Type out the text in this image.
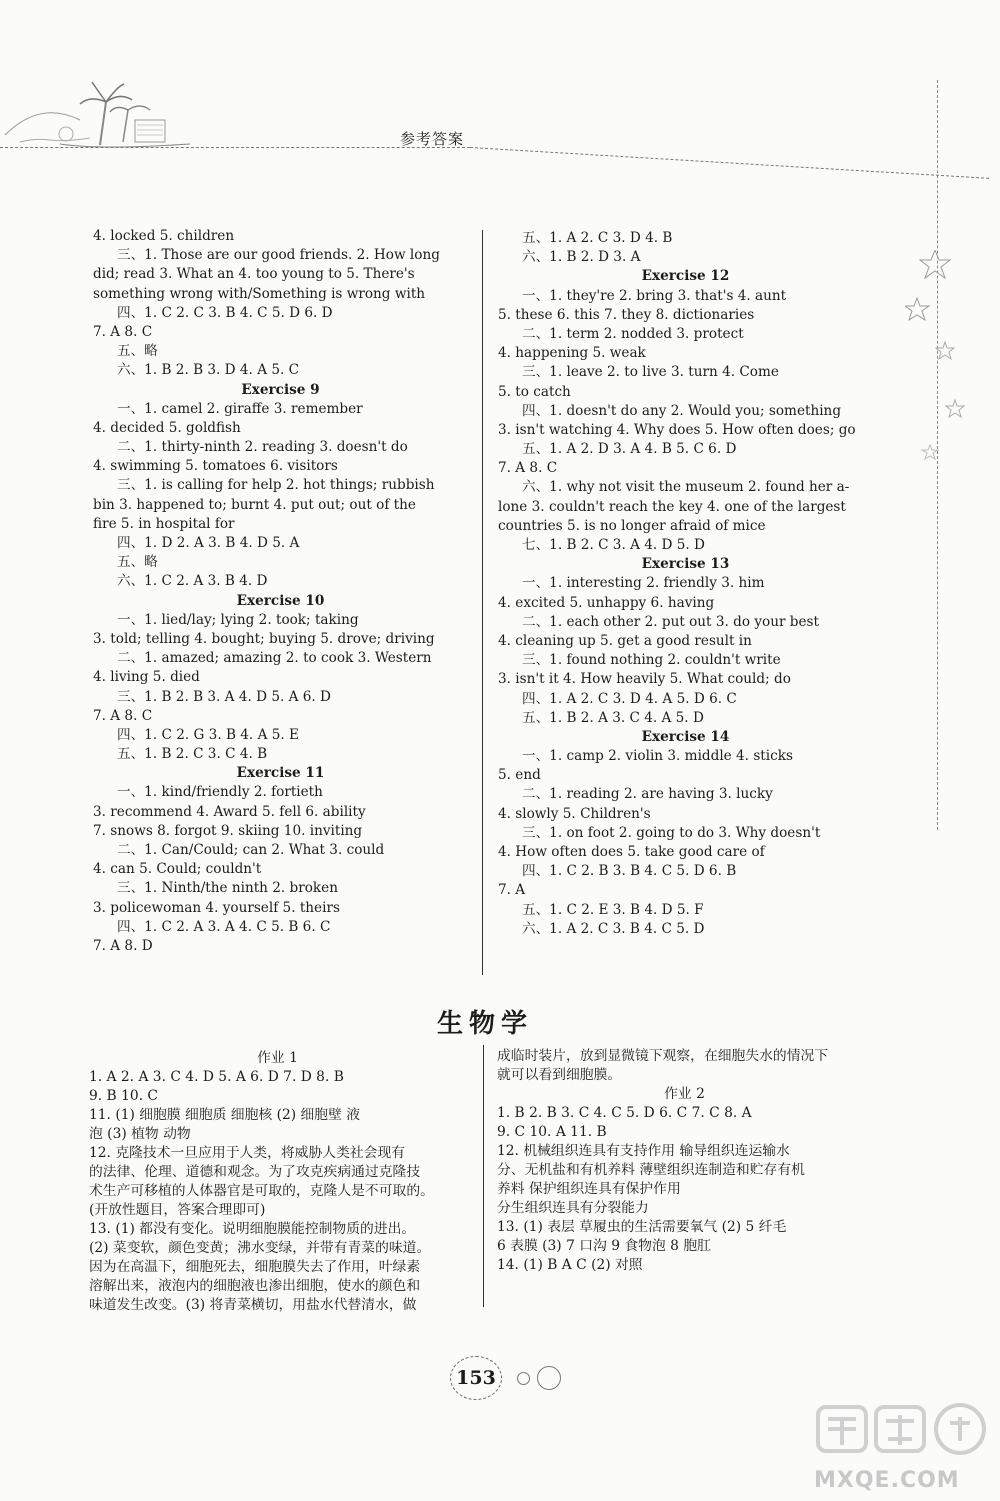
参考答案
4. locked 5. children
三、1. Those are our good friends. 2. How long
did; read 3. What an 4. too young to 5. There's
something wrong with/Something is wrong with
四、1. C 2. C 3. B 4. C 5. D 6. D
7. A 8. C
五、略
六、1. B 2. B 3. D 4. A 5. C
Exercise 9
一、1. camel 2. giraffe 3. remember
4. decided 5. goldfish
二、1. thirty-ninth 2. reading 3. doesn't do
4. swimming 5. tomatoes 6. visitors
三、1. is calling for help 2. hot things; rubbish
bin 3. happened to; burnt 4. put out; out of the
fire 5. in hospital for
四、1. D 2. A 3. B 4. D 5. A
五、略
六、1. C 2. A 3. B 4. D
Exercise 10
一、1. lied/lay; lying 2. took; taking
3. told; telling 4. bought; buying 5. drove; driving
二、1. amazed; amazing 2. to cook 3. Western
4. living 5. died
三、1. B 2. B 3. A 4. D 5. A 6. D
7. A 8. C
四、1. C 2. G 3. B 4. A 5. E
五、1. B 2. C 3. C 4. B
Exercise 11
一、1. kind/friendly 2. fortieth
3. recommend 4. Award 5. fell 6. ability
7. snows 8. forgot 9. skiing 10. inviting
二、1. Can/Could; can 2. What 3. could
4. can 5. Could; couldn't
三、1. Ninth/the ninth 2. broken
3. policewoman 4. yourself 5. theirs
四、1. C 2. A 3. A 4. C 5. B 6. C
7. A 8. D
五、1. A 2. C 3. D 4. B
六、1. B 2. D 3. A
Exercise 12
一、1. they're 2. bring 3. that's 4. aunt
5. these 6. this 7. they 8. dictionaries
二、1. term 2. nodded 3. protect
4. happening 5. weak
三、1. leave 2. to live 3. turn 4. Come
5. to catch
四、1. doesn't do any 2. Would you; something
3. isn't watching 4. Why does 5. How often does; go
五、1. A 2. D 3. A 4. B 5. C 6. D
7. A 8. C
六、1. why not visit the museum 2. found her a-
lone 3. couldn't reach the key 4. one of the largest
countries 5. is no longer afraid of mice
七、1. B 2. C 3. A 4. D 5. D
Exercise 13
一、1. interesting 2. friendly 3. him
4. excited 5. unhappy 6. having
二、1. each other 2. put out 3. do your best
4. cleaning up 5. get a good result in
三、1. found nothing 2. couldn't write
3. isn't it 4. How heavily 5. What could; do
四、1. A 2. C 3. D 4. A 5. D 6. C
五、1. B 2. A 3. C 4. A 5. D
Exercise 14
一、1. camp 2. violin 3. middle 4. sticks
5. end
二、1. reading 2. are having 3. lucky
4. slowly 5. Children's
三、1. on foot 2. going to do 3. Why doesn't
4. How often does 5. take good care of
四、1. C 2. B 3. B 4. C 5. D 6. B
7. A
五、1. C 2. E 3. B 4. D 5. F
六、1. A 2. C 3. B 4. C 5. D
生物学
作业 1
1. A 2. A 3. C 4. D 5. A 6. D 7. D 8. B
9. B 10. C
11. (1) 细胞膜 细胞质 细胞核 (2) 细胞壁 液
泡 (3) 植物 动物
12. 克隆技术一旦应用于人类，将威胁人类社会现有
的法律、伦理、道德和观念。为了攻克疾病通过克隆技
术生产可移植的人体器官是可取的，克隆人是不可取的。
(开放性题目，答案合理即可)
13. (1) 都没有变化。说明细胞膜能控制物质的进出。
(2) 菜变软，颜色变黄；沸水变绿，并带有青菜的味道。
因为在高温下，细胞死去，细胞膜失去了作用，叶绿素
溶解出来，液泡内的细胞液也渗出细胞，使水的颜色和
味道发生改变。(3) 将青菜横切，用盐水代替清水，做
成临时装片，放到显微镜下观察，在细胞失水的情况下
就可以看到细胞膜。
作业 2
1. B 2. B 3. C 4. C 5. D 6. C 7. C 8. A
9. C 10. A 11. B
12. 机械组织连具有支持作用 输导组织连运输水
分、无机盐和有机养料 薄壁组织连制造和贮存有机
养料 保护组织连具有保护作用
分生组织连具有分裂能力
13. (1) 表层 草履虫的生活需要氧气 (2) 5 纤毛
6 表膜 (3) 7 口沟 9 食物泡 8 胞肛
14. (1) B A C (2) 对照
153
MXQE.COM
